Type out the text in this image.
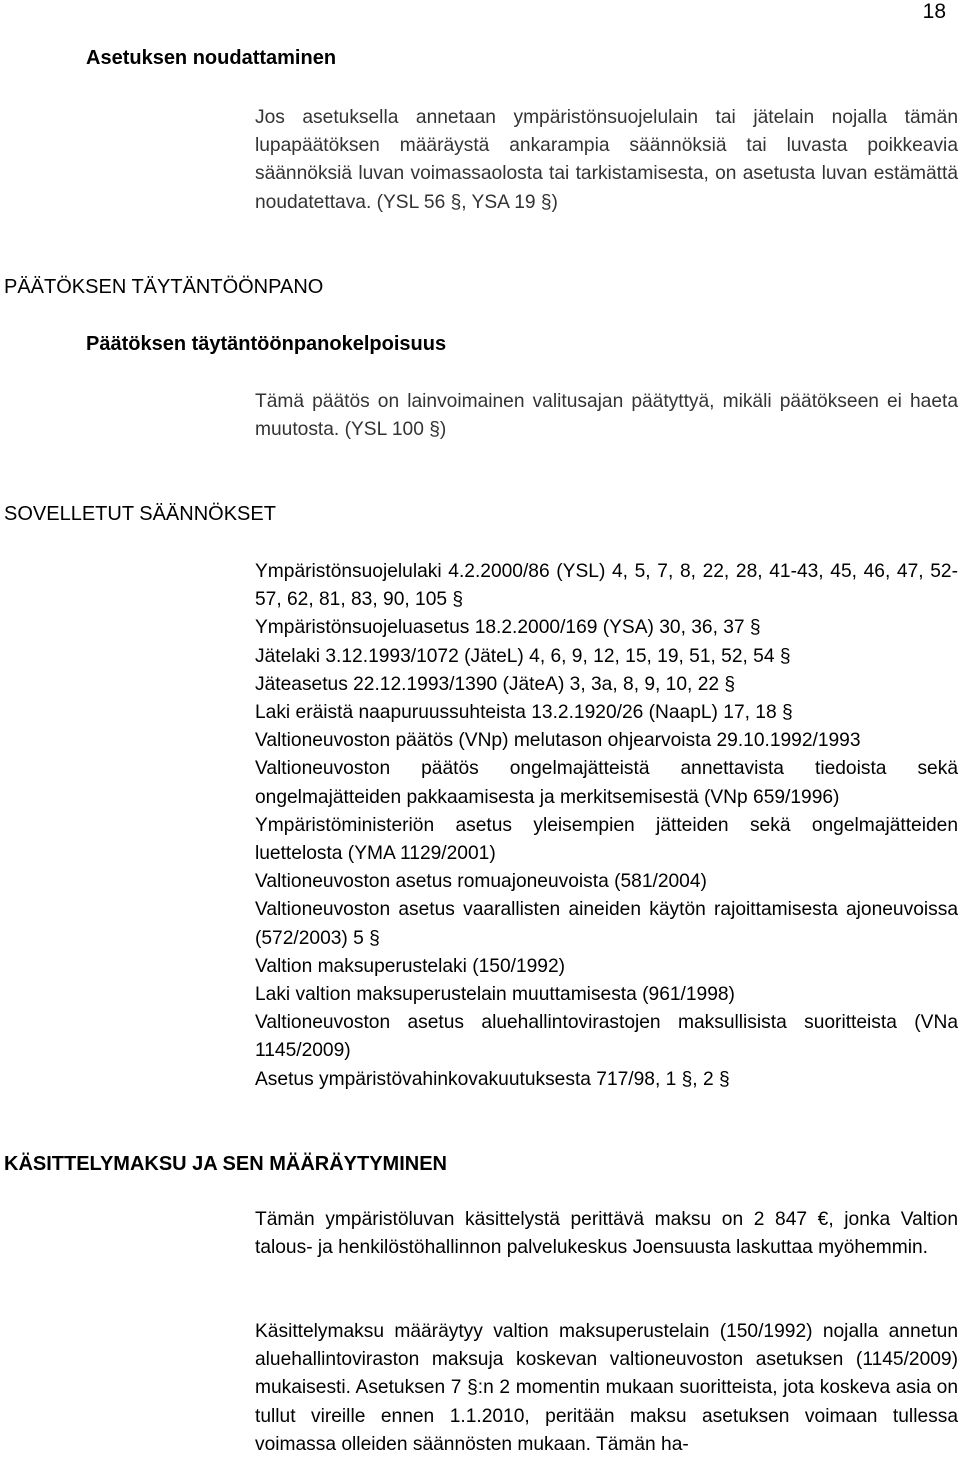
18
Asetuksen noudattaminen
Jos asetuksella annetaan ympäristönsuojelulain tai jätelain nojalla tämän lupapäätöksen määräystä ankarampia säännöksiä tai luvasta poikkeavia säännöksiä luvan voimassaolosta tai tarkistamisesta, on asetusta luvan estämättä noudatettava. (YSL 56 §, YSA 19 §)
PÄÄTÖKSEN TÄYTÄNTÖÖNPANO
Päätöksen täytäntöönpanokelpoisuus
Tämä päätös on lainvoimainen valitusajan päätyttyä, mikäli päätökseen ei haeta muutosta. (YSL 100 §)
SOVELLETUT SÄÄNNÖKSET
Ympäristönsuojelulaki 4.2.2000/86 (YSL) 4, 5, 7, 8, 22, 28, 41-43, 45, 46, 47, 52-57, 62, 81, 83, 90, 105 §
Ympäristönsuojeluasetus 18.2.2000/169 (YSA) 30, 36, 37 §
Jätelaki 3.12.1993/1072 (JäteL) 4, 6, 9, 12, 15, 19, 51, 52, 54 §
Jäteasetus 22.12.1993/1390 (JäteA) 3, 3a, 8, 9, 10, 22 §
Laki eräistä naapuruussuhteista 13.2.1920/26 (NaapL) 17, 18 §
Valtioneuvoston päätös (VNp) melutason ohjearvoista 29.10.1992/1993
Valtioneuvoston päätös ongelmajätteistä annettavista tiedoista sekä ongelmajätteiden pakkaamisesta ja merkitsemisestä (VNp 659/1996)
Ympäristöministeriön asetus yleisempien jätteiden sekä ongelmajätteiden luettelosta (YMA 1129/2001)
Valtioneuvoston asetus romuajoneuvoista (581/2004)
Valtioneuvoston asetus vaarallisten aineiden käytön rajoittamisesta ajoneuvoissa (572/2003) 5 §
Valtion maksuperustelaki (150/1992)
Laki valtion maksuperustelain muuttamisesta (961/1998)
Valtioneuvoston asetus aluehallintovirastojen maksullisista suoritteista (VNa 1145/2009)
Asetus ympäristövahinkovakuutuksesta 717/98, 1 §, 2 §
KÄSITTELYMAKSU JA SEN MÄÄRÄYTYMINEN
Tämän ympäristöluvan käsittelystä perittävä maksu on 2 847 €, jonka Valtion talous- ja henkilöstöhallinnon palvelukeskus Joensuusta laskuttaa myöhemmin.
Käsittelymaksu määräytyy valtion maksuperustelain (150/1992) nojalla annetun aluehallintoviraston maksuja koskevan valtioneuvoston asetuksen (1145/2009) mukaisesti. Asetuksen 7 §:n 2 momentin mukaan suoritteista, jota koskeva asia on tullut vireille ennen 1.1.2010, peritään maksu asetuksen voimaan tullessa voimassa olleiden säännösten mukaan. Tämän ha-
